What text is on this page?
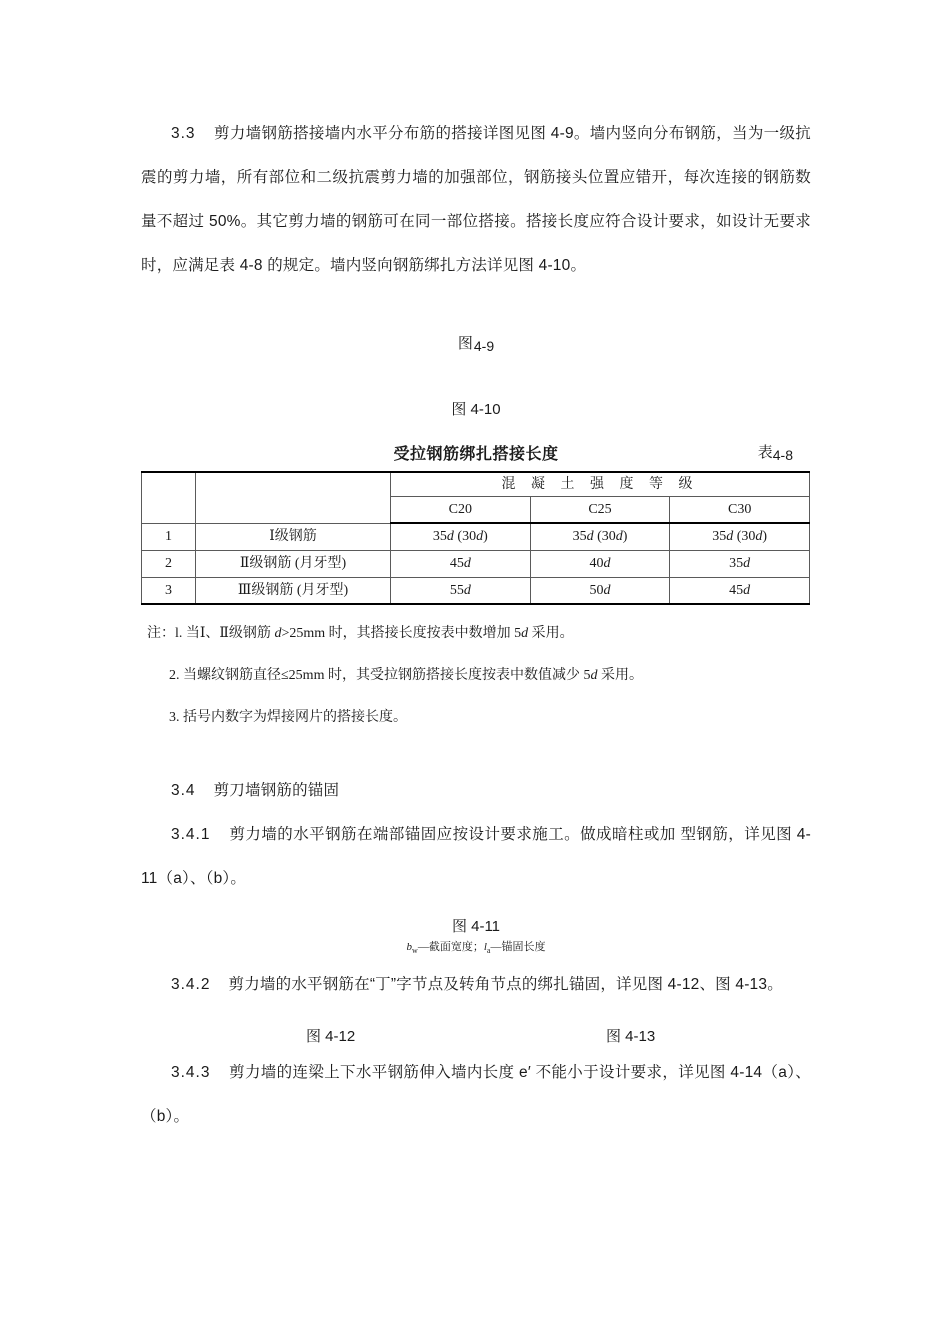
3.3 剪力墙钢筋搭接墙内水平分布筋的搭接详图见图 4-9。墙内竖向分布钢筋，当为一级抗震的剪力墙，所有部位和二级抗震剪力墙的加强部位，钢筋接头位置应错开，每次连接的钢筋数量不超过 50%。其它剪力墙的钢筋可在同一部位搭接。搭接长度应符合设计要求，如设计无要求时，应满足表 4-8 的规定。墙内竖向钢筋绑扎方法详见图 4-10。

图4-9

图 4-10

受拉钢筋绑扎搭接长度	表4-8
		混 凝 土 强 度 等 级		
		C20	C25	C30
1	Ⅰ级钢筋	35d (30d)	35d (30d)	35d (30d)
2	Ⅱ级钢筋 (月牙型)	45d	40d	35d
3	Ⅲ级钢筋 (月牙型)	55d	50d	45d

注：l. 当Ⅰ、Ⅱ级钢筋 d>25mm 时，其搭接长度按表中数增加 5d 采用。

2. 当螺纹钢筋直径≤25mm 时，其受拉钢筋搭接长度按表中数值减少 5d 采用。

3. 括号内数字为焊接网片的搭接长度。

3.4 剪刀墙钢筋的锚固

3.4.1 剪力墙的水平钢筋在端部锚固应按设计要求施工。做成暗柱或加 型钢筋，详见图 4-11（a）、（b）。

图 4-11

$b_w—$截面宽度；$l_a—$锚固长度

3.4.2 剪力墙的水平钢筋在“丁”字节点及转角节点的绑扎锚固，详见图 4-12、图 4-13。

图 4-12	图 4-13

3.4.3 剪力墙的连梁上下水平钢筋伸入墙内长度 e′ 不能小于设计要求，详见图 4-14（a）、（b）。
